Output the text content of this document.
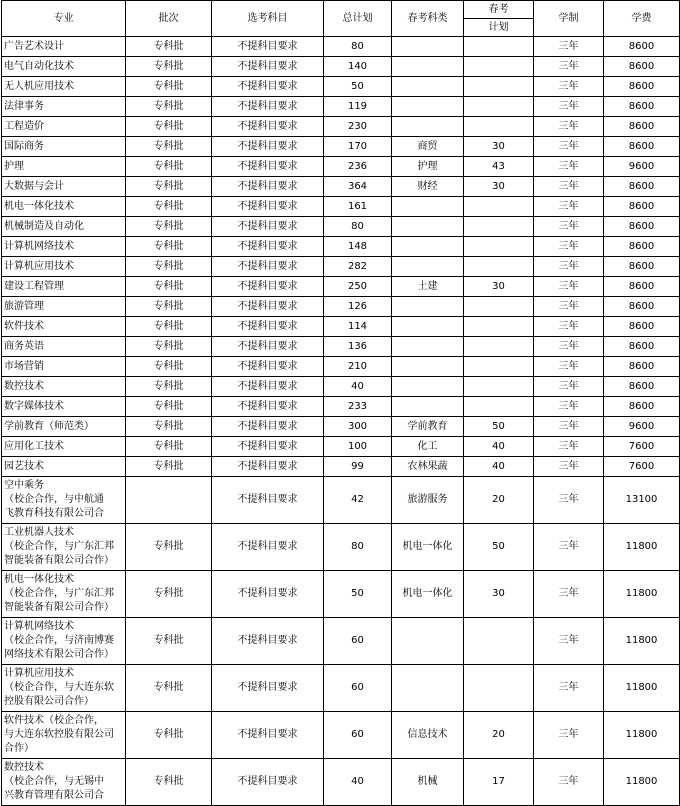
专业	批次	选考科目	总计划	春考科类	春考	学制	学费
					计划		
广告艺术设计	专科批	不提科目要求	80			三年	8600
电气自动化技术	专科批	不提科目要求	140			三年	8600
无人机应用技术	专科批	不提科目要求	50			三年	8600
法律事务	专科批	不提科目要求	119			三年	8600
工程造价	专科批	不提科目要求	230			三年	8600
国际商务	专科批	不提科目要求	170	商贸	30	三年	8600
护理	专科批	不提科目要求	236	护理	43	三年	9600
大数据与会计	专科批	不提科目要求	364	财经	30	三年	8600
机电一体化技术	专科批	不提科目要求	161			三年	8600
机械制造及自动化	专科批	不提科目要求	80			三年	8600
计算机网络技术	专科批	不提科目要求	148			三年	8600
计算机应用技术	专科批	不提科目要求	282			三年	8600
建设工程管理	专科批	不提科目要求	250	土建	30	三年	8600
旅游管理	专科批	不提科目要求	126			三年	8600
软件技术	专科批	不提科目要求	114			三年	8600
商务英语	专科批	不提科目要求	136			三年	8600
市场营销	专科批	不提科目要求	210			三年	8600
数控技术	专科批	不提科目要求	40			三年	8600
数字媒体技术	专科批	不提科目要求	233			三年	8600
学前教育（师范类）	专科批	不提科目要求	300	学前教育	50	三年	9600
应用化工技术	专科批	不提科目要求	100	化工	40	三年	7600
园艺技术	专科批	不提科目要求	99	农林果蔬	40	三年	7600

空中乘务
（校企合作，与中航通
飞教育科技有限公司合		不提科目要求	42	旅游服务	20	三年	13100

工业机器人技术
（校企合作，与广东汇邦
智能装备有限公司合作）	专科批	不提科目要求	80	机电一体化	50	三年	11800

机电一体化技术
（校企合作，与广东汇邦
智能装备有限公司合作）	专科批	不提科目要求	50	机电一体化	30	三年	11800

计算机网络技术
（校企合作，与济南博赛
网络技术有限公司合作）	专科批	不提科目要求	60			三年	11800

计算机应用技术
（校企合作，与大连东软
控股有限公司合作）	专科批	不提科目要求	60			三年	11800

软件技术（校企合作，
与大连东软控股有限公司
合作）	专科批	不提科目要求	60	信息技术	20	三年	11800

数控技术
（校企合作，与无锡中
兴教育管理有限公司合	专科批	不提科目要求	40	机械	17	三年	11800
